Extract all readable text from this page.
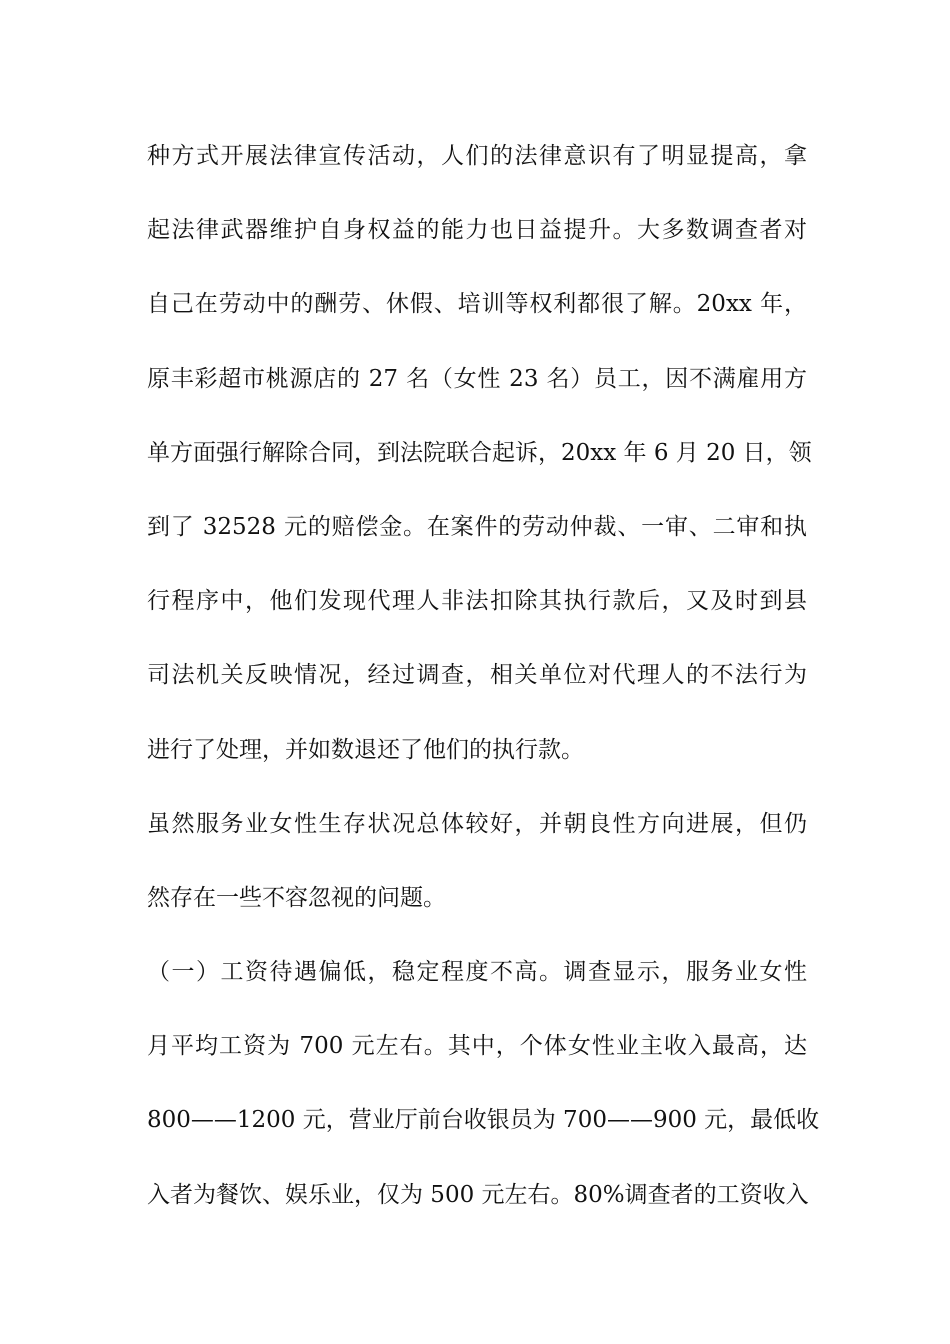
种方式开展法律宣传活动，人们的法律意识有了明显提高，拿
起法律武器维护自身权益的能力也日益提升。大多数调查者对
自己在劳动中的酬劳、休假、培训等权利都很了解。20xx 年，
原丰彩超市桃源店的 27 名（女性 23 名）员工，因不满雇用方
单方面强行解除合同，到法院联合起诉，20xx 年 6 月 20 日，领
到了 32528 元的赔偿金。在案件的劳动仲裁、一审、二审和执
行程序中，他们发现代理人非法扣除其执行款后，又及时到县
司法机关反映情况，经过调查，相关单位对代理人的不法行为
进行了处理，并如数退还了他们的执行款。
虽然服务业女性生存状况总体较好，并朝良性方向进展，但仍
然存在一些不容忽视的问题。
（一）工资待遇偏低，稳定程度不高。调查显示，服务业女性
月平均工资为 700 元左右。其中，个体女性业主收入最高，达
800——1200 元，营业厅前台收银员为 700——900 元，最低收
入者为餐饮、娱乐业，仅为 500 元左右。80%调查者的工资收入
